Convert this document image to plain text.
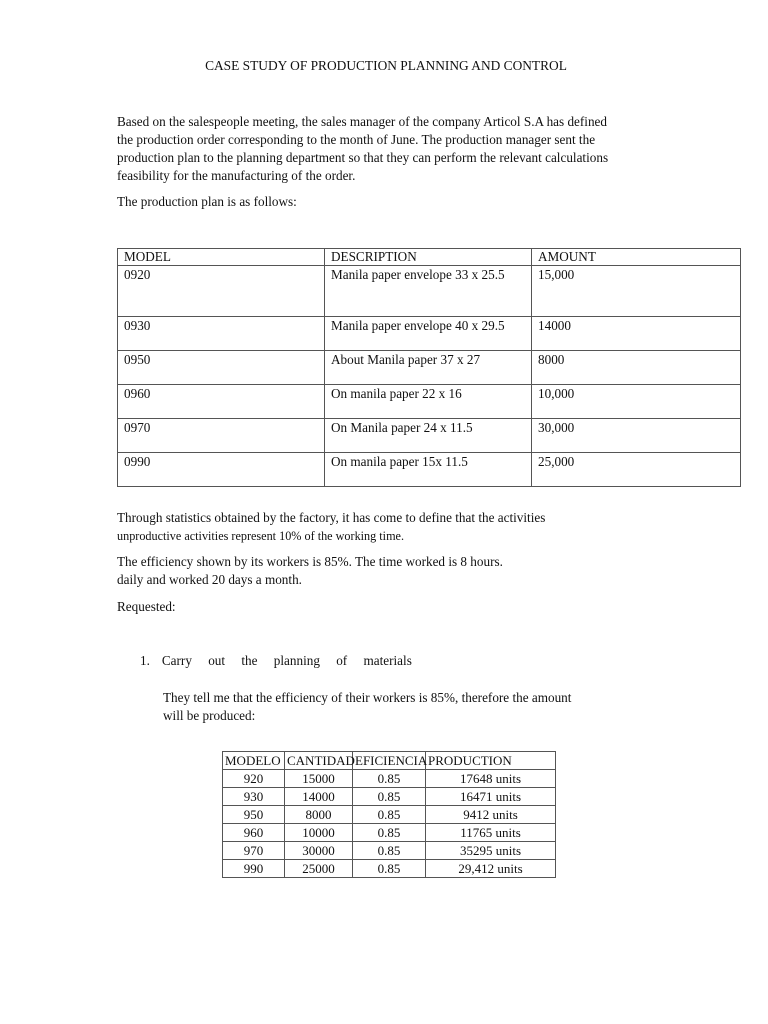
CASE STUDY OF PRODUCTION PLANNING AND CONTROL
Based on the salespeople meeting, the sales manager of the company Articol S.A has defined
the production order corresponding to the month of June. The production manager sent the
production plan to the planning department so that they can perform the relevant calculations
feasibility for the manufacturing of the order.
The production plan is as follows:
MODEL	DESCRIPTION	AMOUNT
0920	Manila paper envelope 33 x 25.5	15,000
0930	Manila paper envelope 40 x 29.5	14000
0950	About Manila paper 37 x 27	8000
0960	On manila paper 22 x 16	10,000
0970	On Manila paper 24 x 11.5	30,000
0990	On manila paper 15x 11.5	25,000
Through statistics obtained by the factory, it has come to define that the activities
unproductive activities represent 10% of the working time.
The efficiency shown by its workers is 85%. The time worked is 8 hours.
daily and worked 20 days a month.
Requested:
1. Carry out the planning of materials
They tell me that the efficiency of their workers is 85%, therefore the amount
will be produced:
MODELO	CANTIDAD	EFICIENCIA	PRODUCTION
920	15000	0.85	17648 units
930	14000	0.85	16471 units
950	8000	0.85	9412 units
960	10000	0.85	11765 units
970	30000	0.85	35295 units
990	25000	0.85	29,412 units
